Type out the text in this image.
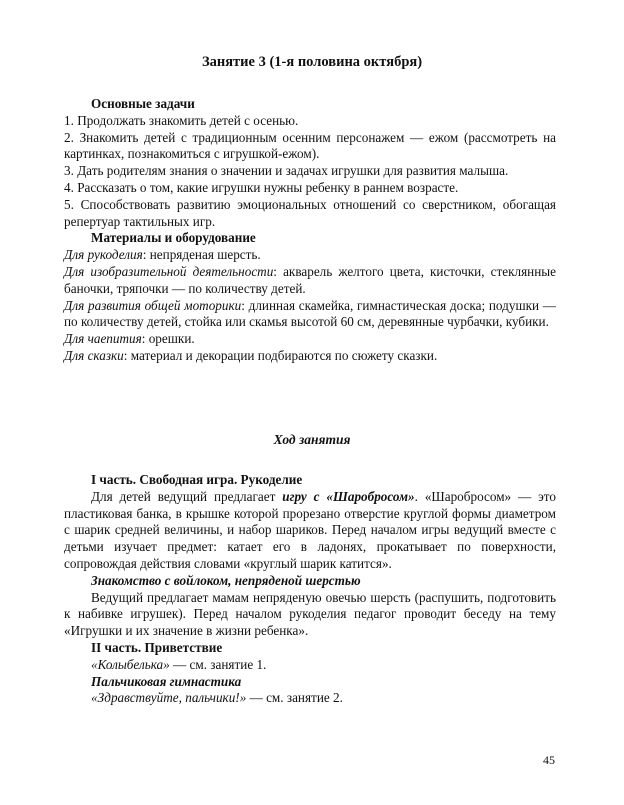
Занятие 3 (1-я половина октября)

Основные задачи

1. Продолжать знакомить детей с осенью.

2. Знакомить детей с традиционным осенним персонажем — ежом (рассмотреть на картинках, познакомиться с игрушкой-ежом).

3. Дать родителям знания о значении и задачах игрушки для развития малыша.

4. Рассказать о том, какие игрушки нужны ребенку в раннем возрасте.

5. Способствовать развитию эмоциональных отношений со сверстником, обогащая репертуар тактильных игр.

Материалы и оборудование

Для рукоделия: непряденая шерсть.

Для изобразительной деятельности: акварель желтого цвета, кисточки, стеклянные баночки, тряпочки — по количеству детей.

Для развития общей моторики: длинная скамейка, гимнастическая доска; подушки — по количеству детей, стойка или скамья высотой 60 см, деревянные чурбачки, кубики.

Для чаепития: орешки.

Для сказки: материал и декорации подбираются по сюжету сказки.

Ход занятия

I часть. Свободная игра. Рукоделие

Для детей ведущий предлагает игру с «Шаробросом». «Шаробросом» — это пластиковая банка, в крышке которой прорезано отверстие круглой формы диаметром с шарик средней величины, и набор шариков. Перед началом игры ведущий вместе с детьми изучает предмет: катает его в ладонях, прокатывает по поверхности, сопровождая действия словами «круглый шарик катится».

Знакомство с войлоком, непряденой шерстью

Ведущий предлагает мамам непряденую овечью шерсть (распушить, подготовить к набивке игрушек). Перед началом рукоделия педагог проводит беседу на тему «Игрушки и их значение в жизни ребенка».

II часть. Приветствие

«Колыбелька» — см. занятие 1.

Пальчиковая гимнастика

«Здравствуйте, пальчики!» — см. занятие 2.

45
